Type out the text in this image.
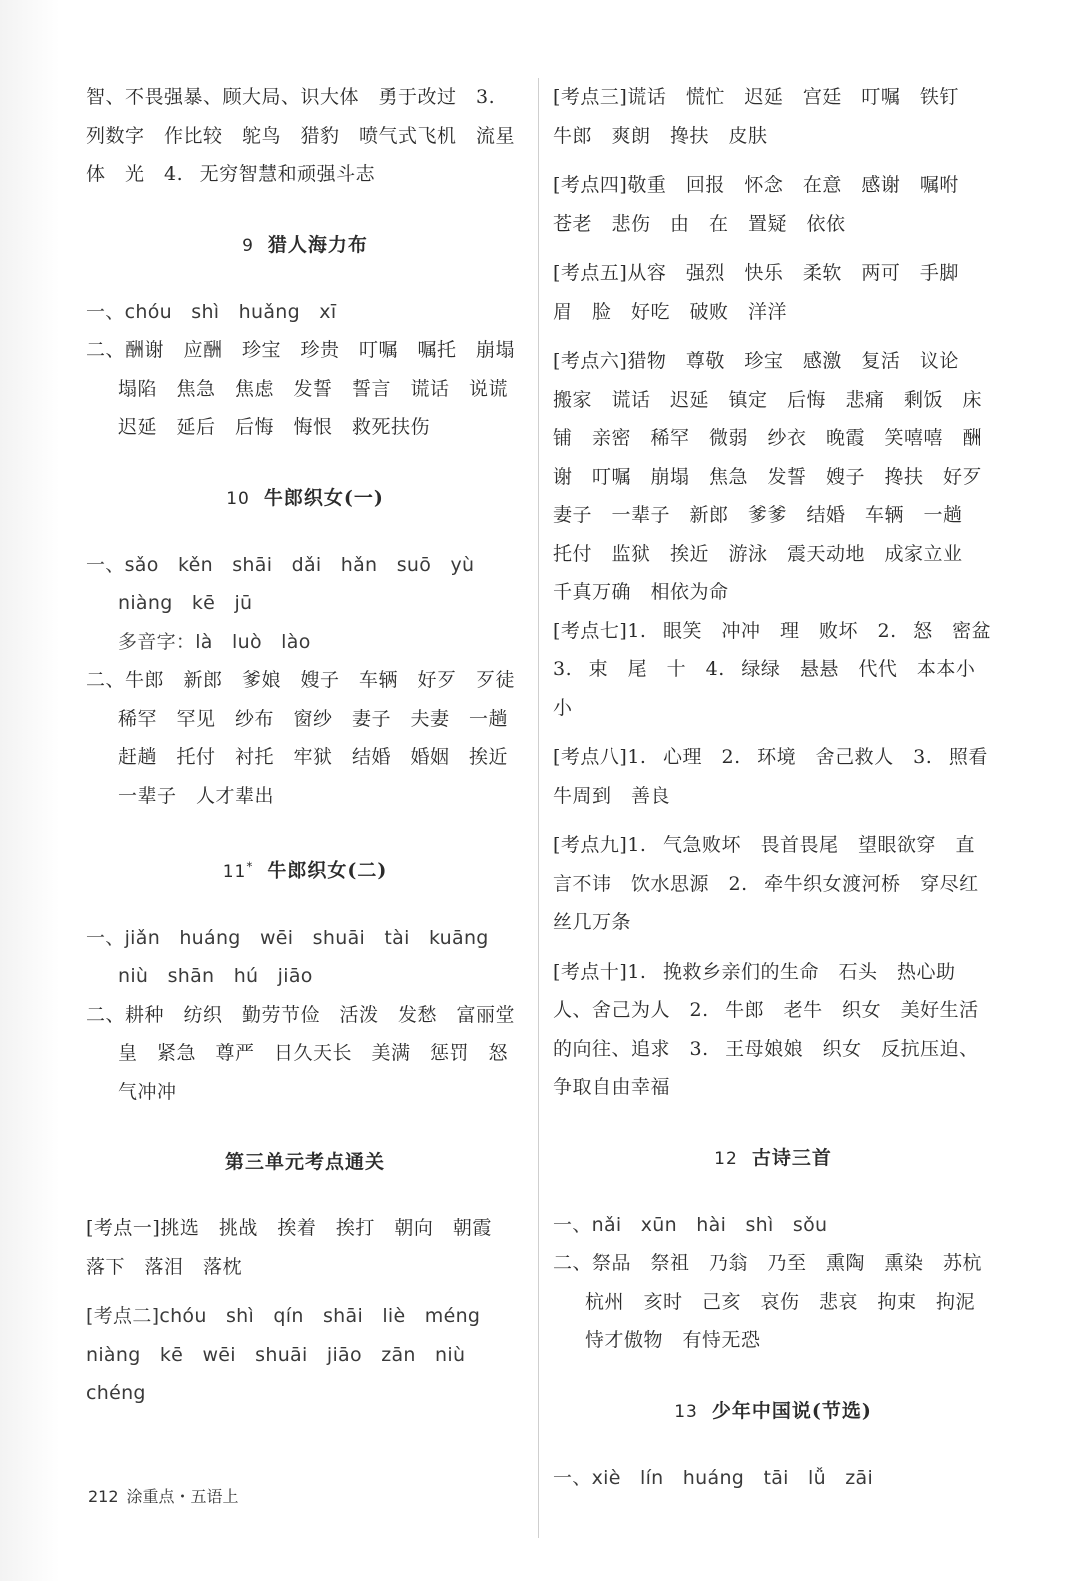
智、不畏强暴、顾大局、识大体　勇于改过　3. 列数字　作比较　鸵鸟　猎豹　喷气式飞机　流星体　光　4. 无穷智慧和顽强斗志

9 猎人海力布

一、chóu　shì　huǎng　xī

二、酬谢　应酬　珍宝　珍贵　叮嘱　嘱托　崩塌　塌陷　焦急　焦虑　发誓　誓言　谎话　说谎　迟延　延后　后悔　悔恨　救死扶伤

10 牛郎织女(一)

一、sǎo　kěn　shāi　dǎi　hǎn　suō　yù　niàng　kē　jū

多音字：là　luò　lào

二、牛郎　新郎　爹娘　嫂子　车辆　好歹　歹徒　稀罕　罕见　纱布　窗纱　妻子　夫妻　一趟　赶趟　托付　衬托　牢狱　结婚　婚姻　挨近　一辈子　人才辈出

11* 牛郎织女(二)

一、jiǎn　huáng　wēi　shuāi　tài　kuāng　niù　shān　hú　jiāo

二、耕种　纺织　勤劳节俭　活泼　发愁　富丽堂皇　紧急　尊严　日久天长　美满　惩罚　怒气冲冲

第三单元考点通关

[考点一]挑选　挑战　挨着　挨打　朝向　朝霞　落下　落泪　落枕

[考点二]chóu　shì　qín　shāi　liè　méng　niàng　kē　wēi　shuāi　jiāo　zān　niù　chéng

[考点三]谎话　慌忙　迟延　宫廷　叮嘱　铁钉　牛郎　爽朗　搀扶　皮肤

[考点四]敬重　回报　怀念　在意　感谢　嘱咐　苍老　悲伤　由　在　置疑　依依

[考点五]从容　强烈　快乐　柔软　两可　手脚　眉　脸　好吃　破败　洋洋

[考点六]猎物　尊敬　珍宝　感激　复活　议论　搬家　谎话　迟延　镇定　后悔　悲痛　剩饭　床铺　亲密　稀罕　微弱　纱衣　晚霞　笑嘻嘻　酬谢　叮嘱　崩塌　焦急　发誓　嫂子　搀扶　好歹　妻子　一辈子　新郎　爹爹　结婚　车辆　一趟　托付　监狱　挨近　游泳　震天动地　成家立业　千真万确　相依为命

[考点七]1. 眼笑　冲冲　理　败坏　2. 怒　密盆　3. 束　尾　十　4. 绿绿　悬悬　代代　本本小小

[考点八]1. 心理　2. 环境　舍己救人　3. 照看牛周到　善良

[考点九]1. 气急败坏　畏首畏尾　望眼欲穿　直言不讳　饮水思源　2. 牵牛织女渡河桥　穿尽红丝几万条

[考点十]1. 挽救乡亲们的生命　石头　热心助人、舍己为人　2. 牛郎　老牛　织女　美好生活的向往、追求　3. 王母娘娘　织女　反抗压迫、争取自由幸福

12 古诗三首

一、nǎi　xūn　hài　shì　sǒu

二、祭品　祭祖　乃翁　乃至　熏陶　熏染　苏杭　杭州　亥时　己亥　哀伤　悲哀　拘束　拘泥　恃才傲物　有恃无恐

13 少年中国说(节选)

一、xiè　lín　huáng　tāi　lǚ　zāi

212 涂重点・五语上
